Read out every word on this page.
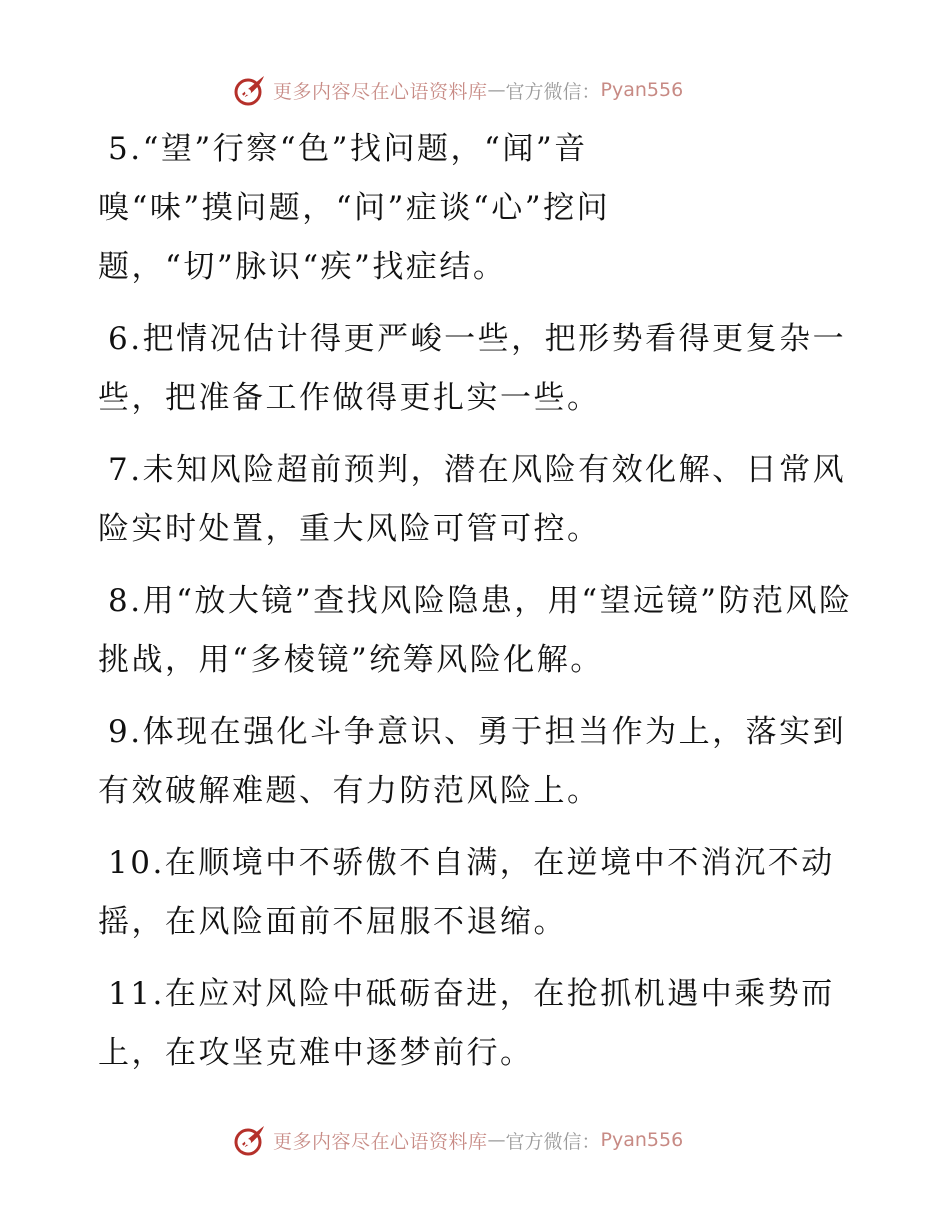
更多内容尽在心语资料库 — 官方微信： Pyan556

5.“望”行察“色”找问题，“闻”音嗅“味”摸问题，“问”症谈“心”挖问题，“切”脉识“疾”找症结。

6.把情况估计得更严峻一些，把形势看得更复杂一些，把准备工作做得更扎实一些。

7.未知风险超前预判，潜在风险有效化解、日常风险实时处置，重大风险可管可控。

8.用“放大镜”查找风险隐患，用“望远镜”防范风险挑战，用“多棱镜”统筹风险化解。

9.体现在强化斗争意识、勇于担当作为上，落实到有效破解难题、有力防范风险上。

10.在顺境中不骄傲不自满，在逆境中不消沉不动摇，在风险面前不屈服不退缩。

11.在应对风险中砥砺奋进，在抢抓机遇中乘势而上，在攻坚克难中逐梦前行。

更多内容尽在心语资料库 — 官方微信： Pyan556
